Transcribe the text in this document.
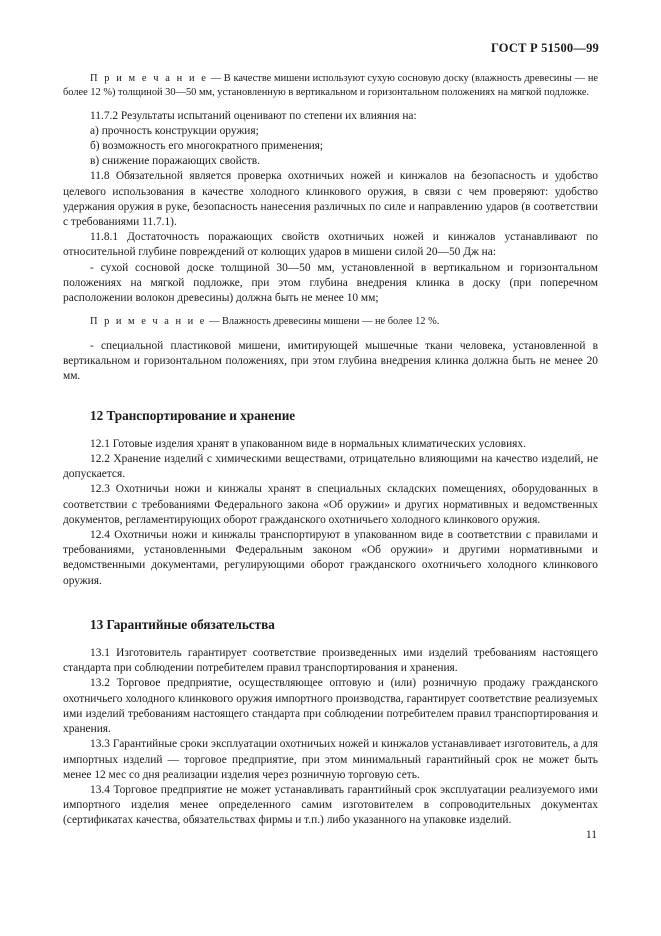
ГОСТ Р 51500—99

П р и м е ч а н и е — В качестве мишени используют сухую сосновую доску (влажность древесины — не более 12 %) толщиной 30—50 мм, установленную в вертикальном и горизонтальном положениях на мягкой подложке.

11.7.2 Результаты испытаний оценивают по степени их влияния на:

а) прочность конструкции оружия;

б) возможность его многократного применения;

в) снижение поражающих свойств.

11.8 Обязательной является проверка охотничьих ножей и кинжалов на безопасность и удобство целевого использования в качестве холодного клинкового оружия, в связи с чем проверяют: удобство удержания оружия в руке, безопасность нанесения различных по силе и направлению ударов (в соответствии с требованиями 11.7.1).

11.8.1 Достаточность поражающих свойств охотничьих ножей и кинжалов устанавливают по относительной глубине повреждений от колющих ударов в мишени силой 20—50 Дж на:

- сухой сосновой доске толщиной 30—50 мм, установленной в вертикальном и горизонтальном положениях на мягкой подложке, при этом глубина внедрения клинка в доску (при поперечном расположении волокон древесины) должна быть не менее 10 мм;

П р и м е ч а н и е — Влажность древесины мишени — не более 12 %.

- специальной пластиковой мишени, имитирующей мышечные ткани человека, установленной в вертикальном и горизонтальном положениях, при этом глубина внедрения клинка должна быть не менее 20 мм.

12 Транспортирование и хранение

12.1 Готовые изделия хранят в упакованном виде в нормальных климатических условиях.

12.2 Хранение изделий с химическими веществами, отрицательно влияющими на качество изделий, не допускается.

12.3 Охотничьи ножи и кинжалы хранят в специальных складских помещениях, оборудованных в соответствии с требованиями Федерального закона «Об оружии» и других нормативных и ведомственных документов, регламентирующих оборот гражданского охотничьего холодного клинкового оружия.

12.4 Охотничьи ножи и кинжалы транспортируют в упакованном виде в соответствии с правилами и требованиями, установленными Федеральным законом «Об оружии» и другими нормативными и ведомственными документами, регулирующими оборот гражданского охотничьего холодного клинкового оружия.

13 Гарантийные обязательства

13.1 Изготовитель гарантирует соответствие произведенных ими изделий требованиям настоящего стандарта при соблюдении потребителем правил транспортирования и хранения.

13.2 Торговое предприятие, осуществляющее оптовую и (или) розничную продажу гражданского охотничьего холодного клинкового оружия импортного производства, гарантирует соответствие реализуемых ими изделий требованиям настоящего стандарта при соблюдении потребителем правил транспортирования и хранения.

13.3 Гарантийные сроки эксплуатации охотничьих ножей и кинжалов устанавливает изготовитель, а для импортных изделий — торговое предприятие, при этом минимальный гарантийный срок не может быть менее 12 мес со дня реализации изделия через розничную торговую сеть.

13.4 Торговое предприятие не может устанавливать гарантийный срок эксплуатации реализуемого ими импортного изделия менее определенного самим изготовителем в сопроводительных документах (сертификатах качества, обязательствах фирмы и т.п.) либо указанного на упаковке изделий.

11
